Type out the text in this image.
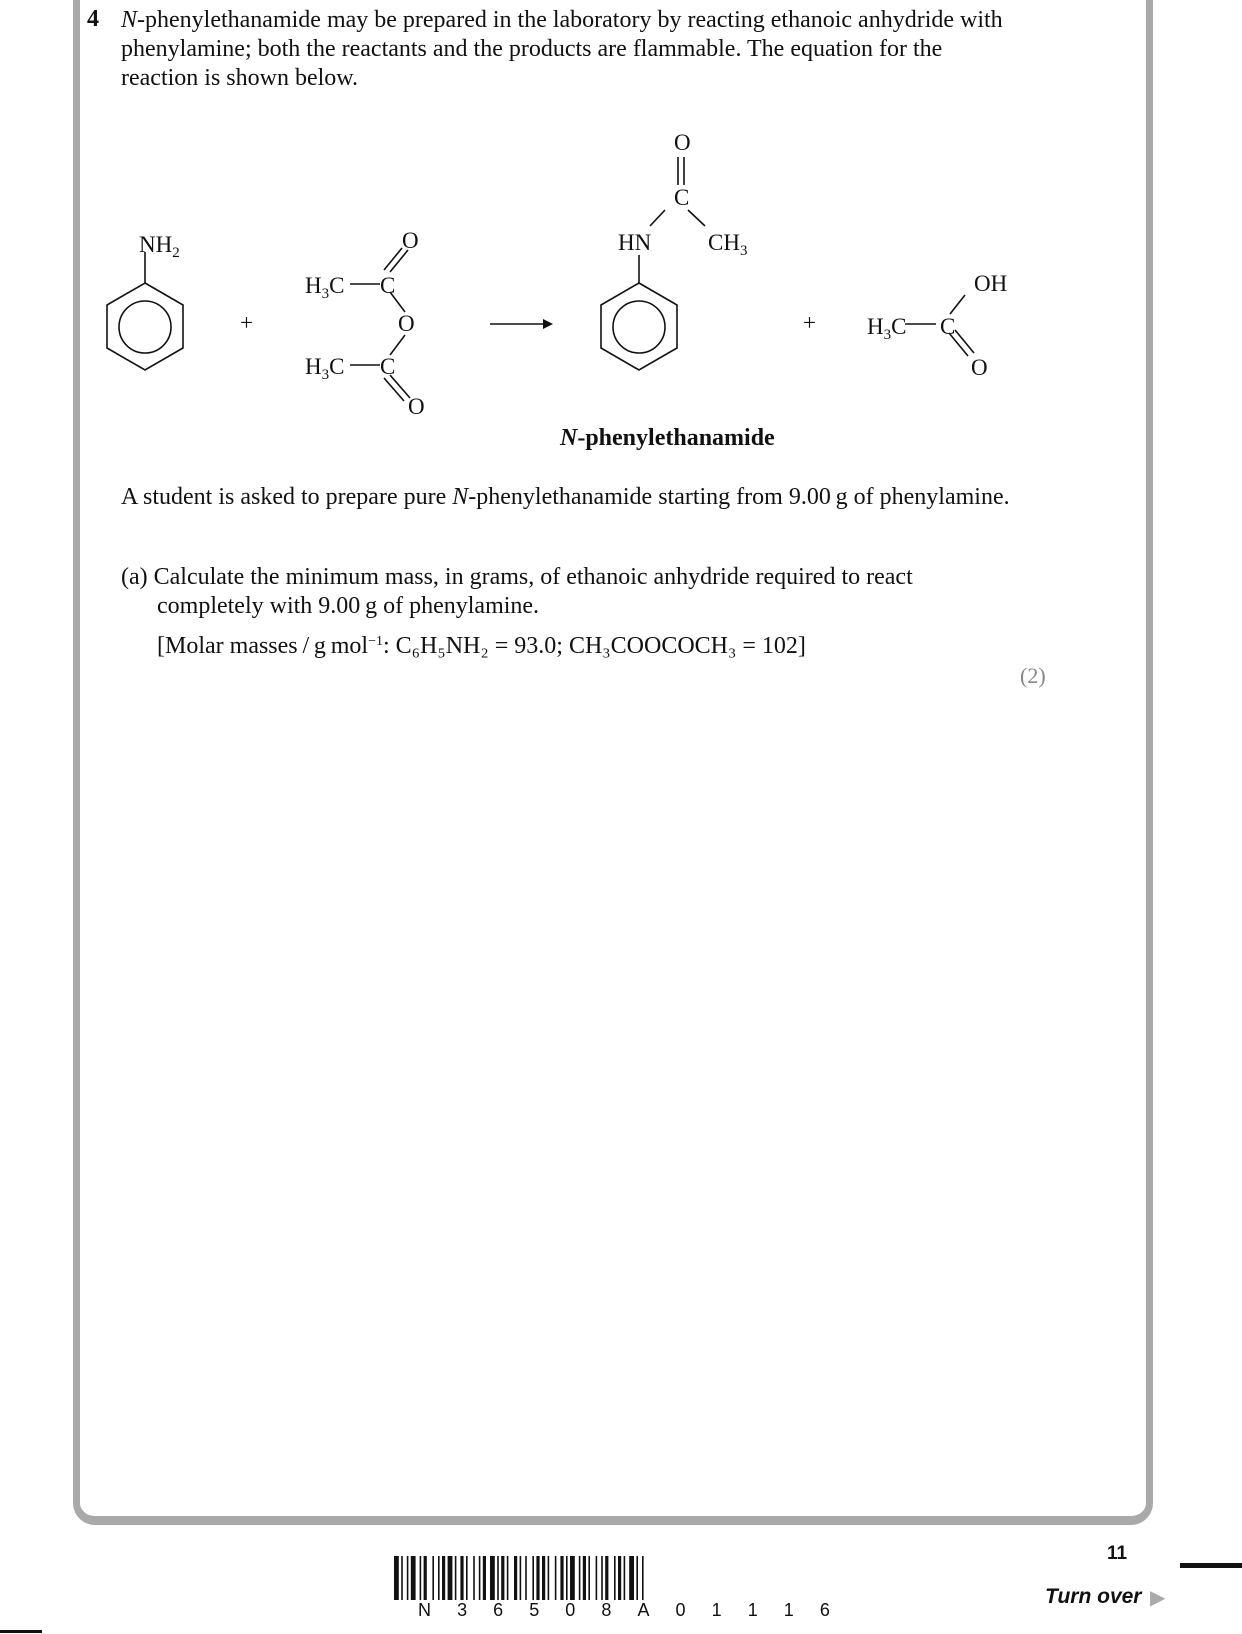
4 N-phenylethanamide may be prepared in the laboratory by reacting ethanoic anhydride with phenylamine; both the reactants and the products are flammable. The equation for the reaction is shown below.
$NH_2$
+
$H_3C$ C
O
O
$H_3C$ C
O
O
C
HN $CH_3$
+
OH
$H_3C$ C
O
N-phenylethanamide
A student is asked to prepare pure N-phenylethanamide starting from 9.00 g of phenylamine.
(a) Calculate the minimum mass, in grams, of ethanoic anhydride required to react
completely with 9.00 g of phenylamine.
[Molar masses / g mol$^{-1}$: C₆H₅NH₂ = 93.0; CH₃COOCOCH₃ = 102]
(2)
N 3 6 5 0 8 A 0 1 1 1 6
11
Turn over ▶
